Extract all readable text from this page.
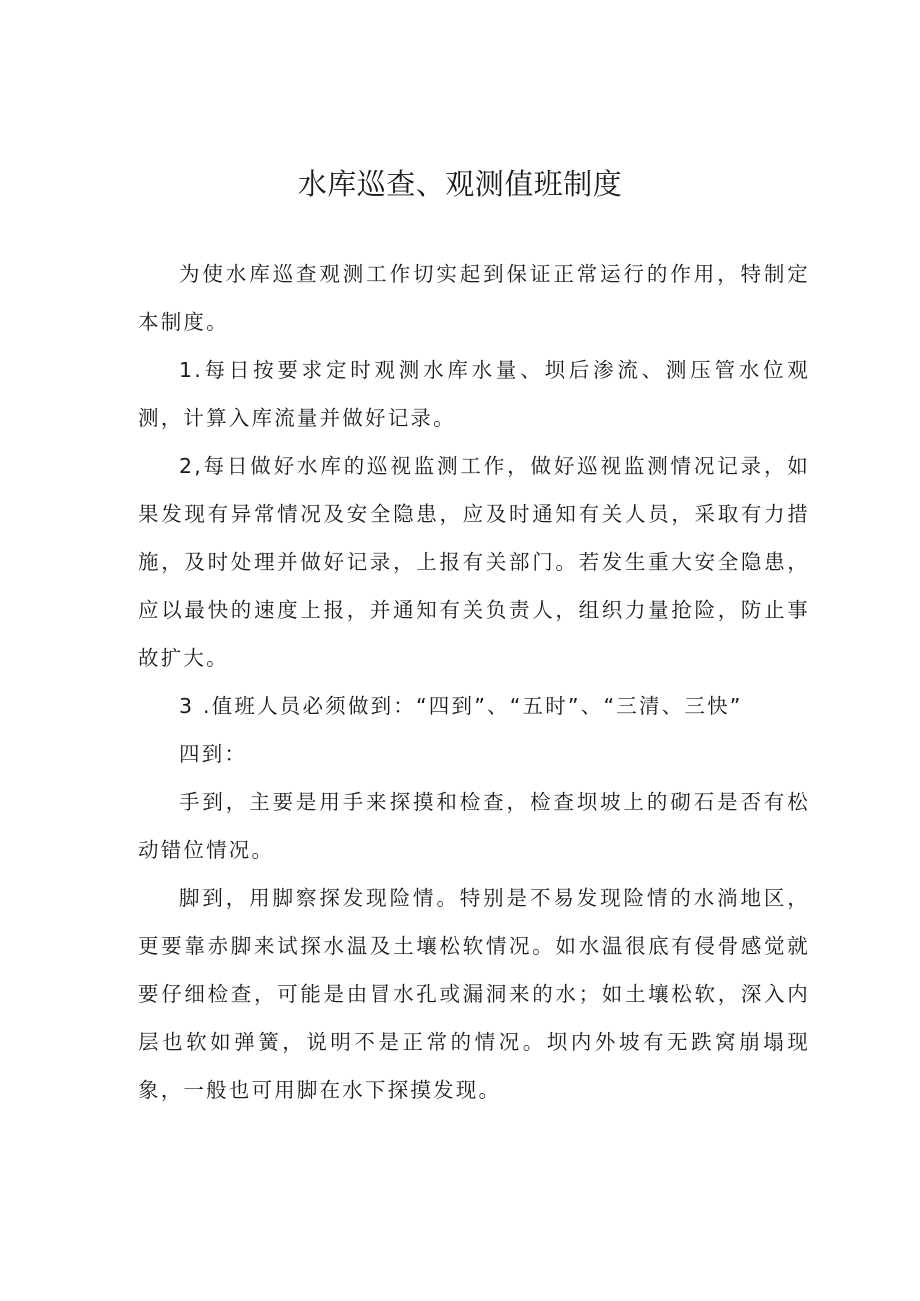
水库巡查、观测值班制度

为使水库巡查观测工作切实起到保证正常运行的作用，特制定本制度。

1.每日按要求定时观测水库水量、坝后渗流、测压管水位观测，计算入库流量并做好记录。

2,每日做好水库的巡视监测工作，做好巡视监测情况记录，如果发现有异常情况及安全隐患，应及时通知有关人员，采取有力措施，及时处理并做好记录，上报有关部门。若发生重大安全隐患，应以最快的速度上报，并通知有关负责人，组织力量抢险，防止事故扩大。

3 .值班人员必须做到：“四到”、“五时”、“三清、三快”

四到：

手到，主要是用手来探摸和检查，检查坝坡上的砌石是否有松动错位情况。

脚到，用脚察探发现险情。特别是不易发现险情的水淌地区，更要靠赤脚来试探水温及土壤松软情况。如水温很底有侵骨感觉就要仔细检查，可能是由冒水孔或漏洞来的水；如土壤松软，深入内层也软如弹簧，说明不是正常的情况。坝内外坡有无跌窝崩塌现象，一般也可用脚在水下探摸发现。
